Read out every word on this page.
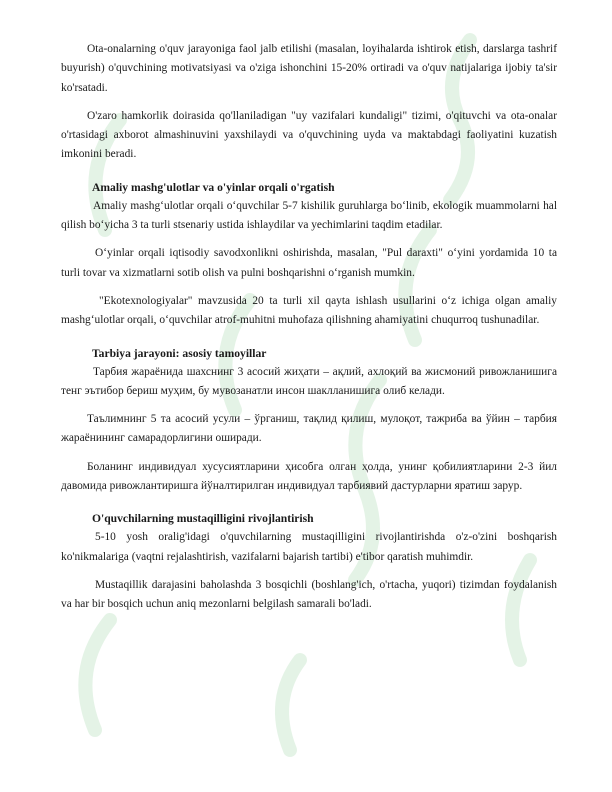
Ota-onalarning o'quv jarayoniga faol jalb etilishi (masalan, loyihalarda ishtirok etish, darslarga tashrif buyurish) o'quvchining motivatsiyasi va o'ziga ishonchini 15-20% ortiradi va o'quv natijalariga ijobiy ta'sir ko'rsatadi.

O'zaro hamkorlik doirasida qo'llaniladigan "uy vazifalari kundaligi" tizimi, o'qituvchi va ota-onalar o'rtasidagi axborot almashinuvini yaxshilaydi va o'quvchining uyda va maktabdagi faoliyatini kuzatish imkonini beradi.

Amaliy mashg'ulotlar va o'yinlar orqali o'rgatish

Amaliy mashg‘ulotlar orqali o‘quvchilar 5-7 kishilik guruhlarga bo‘linib, ekologik muammolarni hal qilish bo‘yicha 3 ta turli stsenariy ustida ishlaydilar va yechimlarini taqdim etadilar.

O‘yinlar orqali iqtisodiy savodxonlikni oshirishda, masalan, "Pul daraxti" o‘yini yordamida 10 ta turli tovar va xizmatlarni sotib olish va pulni boshqarishni o‘rganish mumkin.

"Ekotexnologiyalar" mavzusida 20 ta turli xil qayta ishlash usullarini o‘z ichiga olgan amaliy mashg‘ulotlar orqali, o‘quvchilar atrof-muhitni muhofaza qilishning ahamiyatini chuqurroq tushunadilar.

Tarbiya jarayoni: asosiy tamoyillar

Тарбия жараёнида шахснинг 3 асосий жиҳати – ақлий, ахлоқий ва жисмоний ривожланишига тенг эътибор бериш муҳим, бу мувозанатли инсон шаклланишига олиб келади.

Таълимнинг 5 та асосий усули – ўрганиш, тақлид қилиш, мулоқот, тажриба ва ўйин – тарбия жараёнининг самарадорлигини оширади.

Боланинг индивидуал хусусиятларини ҳисобга олган ҳолда, унинг қобилиятларини 2-3 йил давомида ривожлантиришга йўналтирилган индивидуал тарбиявий дастурларни яратиш зарур.

O'quvchilarning mustaqilligini rivojlantirish

5-10 yosh oralig'idagi o'quvchilarning mustaqilligini rivojlantirishda o'z-o'zini boshqarish ko'nikmalariga (vaqtni rejalashtirish, vazifalarni bajarish tartibi) e'tibor qaratish muhimdir.

Mustaqillik darajasini baholashda 3 bosqichli (boshlang'ich, o'rtacha, yuqori) tizimdan foydalanish va har bir bosqich uchun aniq mezonlarni belgilash samarali bo'ladi.
